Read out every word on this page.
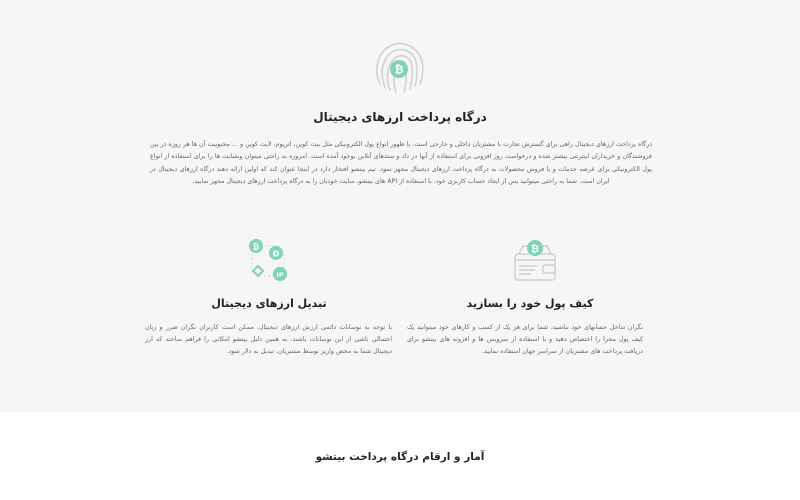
₿
درگاه پرداخت ارزهای دیجیتال
درگاه پرداخت ارزهای دیجیتال راهی برای گسترش تجارت با مشتریان داخلی و خارجی است. با ظهور انواع پول الکترونیکی مثل بیت کوین، اتریوم، لایت کوین و ... محبوبیت آن ها هر روزه در بین فروشندگان و خریداران اینترنتی بیشتر شده و درخواست روز افزونی برای استفاده از آنها در داد و ستدهای آنلاین بوجود آمده است. امروزه به راحتی میتوان وبسایت ها را برای استفاده از انواع پول الکترونیکی برای عرضه خدمات و یا فروش محصولات به درگاه پرداخت ارزهای دیجیتال مجهز نمود. تیم بیتشو افتخار دارد در اینجا عنوان کند که اولین ارائه دهند درگاه ارزهای دیجیتال در ایران است. شما به راحتی میتوانید پس از ایجاد حساب کاربری خود، با استفاده از API های بیتشو، سایت خودتان را به درگاه پرداخت ارزهای دیجیتال مجهز نمایید.
₿
کیف پول خود را بسازید
نگران تداخل حسابهای خود نباشید، شما برای هر یک از کسب و کارهای خود میتوانید یک کیف پول مجزا را اختصاص دهید و با استفاده از سرویس ها و افزونه های بیتشو برای دریافت پرداخت های مشتریان از سراسر جهان استفاده نمایید.
₿
Đ
IP
تبدیل ارزهای دیجیتال
با توجه به نوسانات دائمی ارزش ارزهای دیجیتال، ممکن است کاربران نگران ضرر و زیان احتمالی ناشی از این نوسانات باشند. به همین دلیل بیتشو امکانی را فراهم ساخته که ارز دیجیتال شما به محض واریز توسط مشتریان، تبدیل به دلار شود.
آمار و ارقام درگاه پرداخت بیتشو
